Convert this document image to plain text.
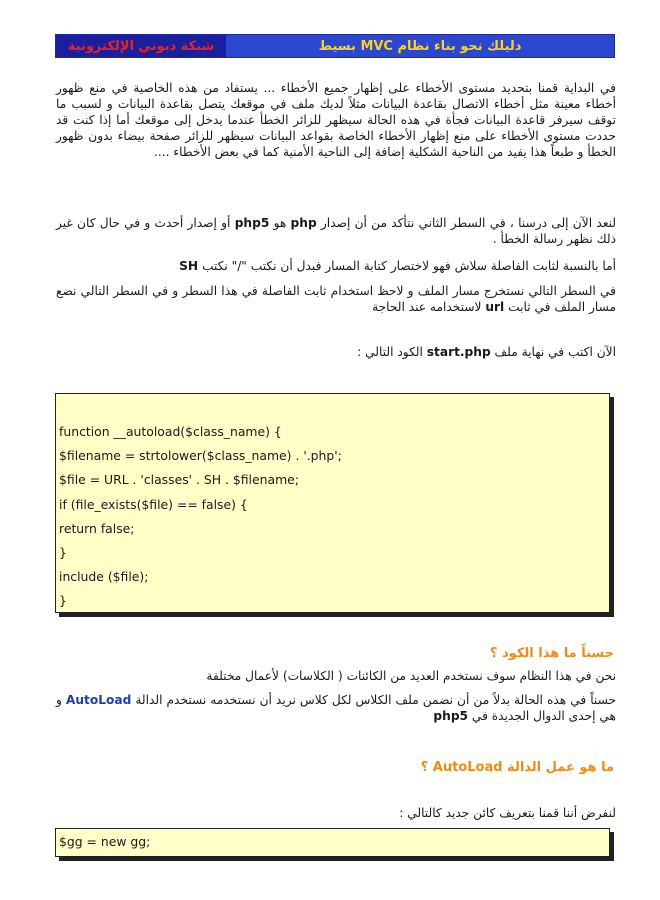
شبكة دبوني الإلكترونية	دليلك نحو بناء نظام MVC بسيط
في البداية قمنا بتحديد مستوى الأخطاء على إظهار جميع الأخطاء ... يستفاد من هذه الخاصية في منع ظهور أخطاء معينة مثل أخطاء الاتصال بقاعدة البيانات مثلاً لديك ملف في موقعك يتصل بقاعدة البيانات و لسبب ما توقف سيرفر قاعدة البيانات فجأة في هذه الحالة سيظهر للزائر الخطأ عندما يدخل إلى موقعك أما إذا كنت قد حددت مستوى الأخطاء على منع إظهار الأخطاء الخاصة بقواعد البيانات سيظهر للزائر صفحة بيضاء بدون ظهور الخطأ و طبعاً هذا يفيد من الناحية الشكلية إضافة إلى الناحية الأمنية كما في بعض الأخطاء ....
لنعد الآن إلى درسنا ، في السطر الثاني نتأكد من أن إصدار php هو php5 أو إصدار أحدث و في حال كان غير ذلك نظهر رسالة الخطأ .
أما بالنسبة لثابت الفاصلة سلاش فهو لاختصار كتابة المسار فبدل أن نكتب "/" نكتب SH
في السطر التالي نستخرج مسار الملف و لاحظ استخدام ثابت الفاصلة في هذا السطر و في السطر التالي نضع مسار الملف في ثابت url لاستخدامه عند الحاجة
الآن اكتب في نهاية ملف start.php الكود التالي :
function __autoload($class_name) {
$filename = strtolower($class_name) . '.php';
$file = URL . 'classes' . SH . $filename;
if (file_exists($file) == false) {
return false;
}
include ($file);
}
حسناً ما هذا الكود ؟
نحن في هذا النظام سوف نستخدم العديد من الكائنات ( الكلاسات) لأعمال مختلفة
حسناً في هذه الحالة بدلاً من أن نضمن ملف الكلاس لكل كلاس نريد أن نستخدمه نستخدم الدالة AutoLoad و هي إحدى الدوال الجديدة في php5
ما هو عمل الدالة AutoLoad ؟
لنفرض أننا قمنا بتعريف كائن جديد كالتالي :
$gg = new gg;
